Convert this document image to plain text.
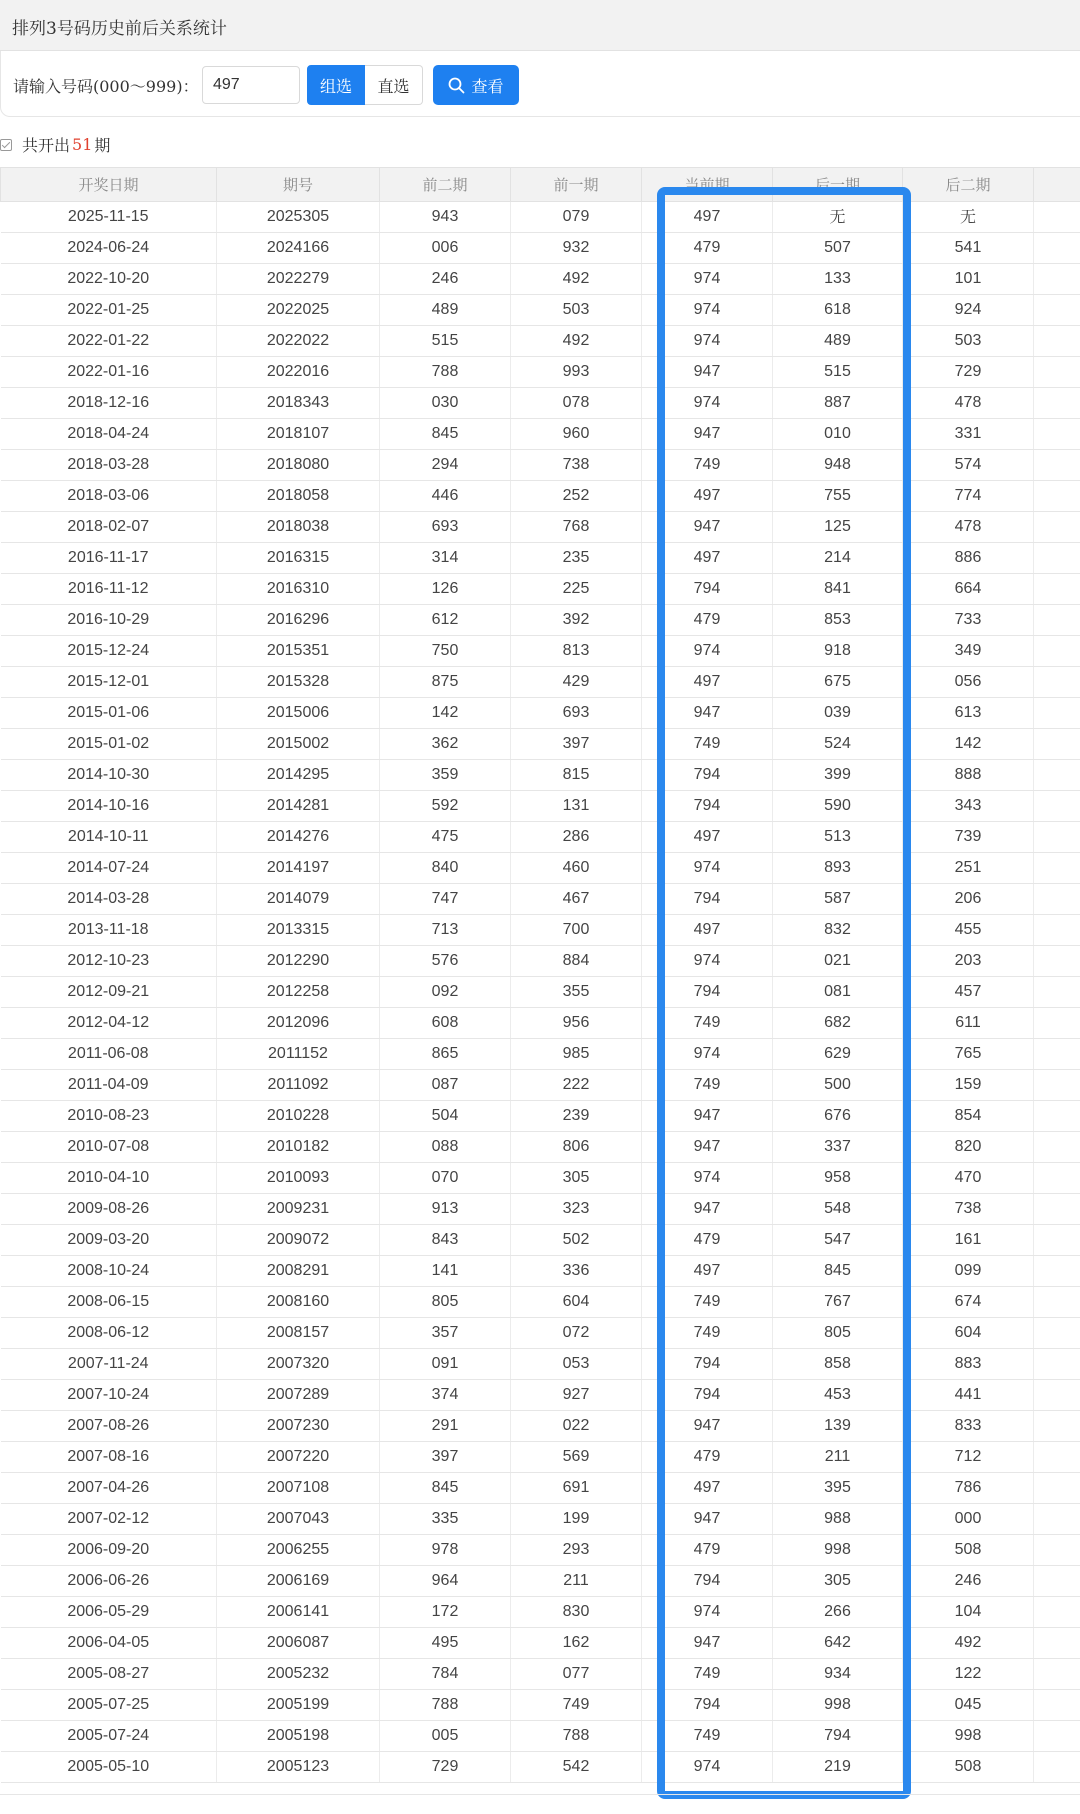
排列3号码历史前后关系统计
请输入号码(000～999)：
497	组选	直选	查看
共开出 51 期
开奖日期	期号	前二期	前一期	当前期	后一期	后二期	
2025-11-15	2025305	943	079	497	无	无	
2024-06-24	2024166	006	932	479	507	541	
2022-10-20	2022279	246	492	974	133	101	
2022-01-25	2022025	489	503	974	618	924	
2022-01-22	2022022	515	492	974	489	503	
2022-01-16	2022016	788	993	947	515	729	
2018-12-16	2018343	030	078	974	887	478	
2018-04-24	2018107	845	960	947	010	331	
2018-03-28	2018080	294	738	749	948	574	
2018-03-06	2018058	446	252	497	755	774	
2018-02-07	2018038	693	768	947	125	478	
2016-11-17	2016315	314	235	497	214	886	
2016-11-12	2016310	126	225	794	841	664	
2016-10-29	2016296	612	392	479	853	733	
2015-12-24	2015351	750	813	974	918	349	
2015-12-01	2015328	875	429	497	675	056	
2015-01-06	2015006	142	693	947	039	613	
2015-01-02	2015002	362	397	749	524	142	
2014-10-30	2014295	359	815	794	399	888	
2014-10-16	2014281	592	131	794	590	343	
2014-10-11	2014276	475	286	497	513	739	
2014-07-24	2014197	840	460	974	893	251	
2014-03-28	2014079	747	467	794	587	206	
2013-11-18	2013315	713	700	497	832	455	
2012-10-23	2012290	576	884	974	021	203	
2012-09-21	2012258	092	355	794	081	457	
2012-04-12	2012096	608	956	749	682	611	
2011-06-08	2011152	865	985	974	629	765	
2011-04-09	2011092	087	222	749	500	159	
2010-08-23	2010228	504	239	947	676	854	
2010-07-08	2010182	088	806	947	337	820	
2010-04-10	2010093	070	305	974	958	470	
2009-08-26	2009231	913	323	947	548	738	
2009-03-20	2009072	843	502	479	547	161	
2008-10-24	2008291	141	336	497	845	099	
2008-06-15	2008160	805	604	749	767	674	
2008-06-12	2008157	357	072	749	805	604	
2007-11-24	2007320	091	053	794	858	883	
2007-10-24	2007289	374	927	794	453	441	
2007-08-26	2007230	291	022	947	139	833	
2007-08-16	2007220	397	569	479	211	712	
2007-04-26	2007108	845	691	497	395	786	
2007-02-12	2007043	335	199	947	988	000	
2006-09-20	2006255	978	293	479	998	508	
2006-06-26	2006169	964	211	794	305	246	
2006-05-29	2006141	172	830	974	266	104	
2006-04-05	2006087	495	162	947	642	492	
2005-08-27	2005232	784	077	749	934	122	
2005-07-25	2005199	788	749	794	998	045	
2005-07-24	2005198	005	788	749	794	998	
2005-05-10	2005123	729	542	974	219	508	
